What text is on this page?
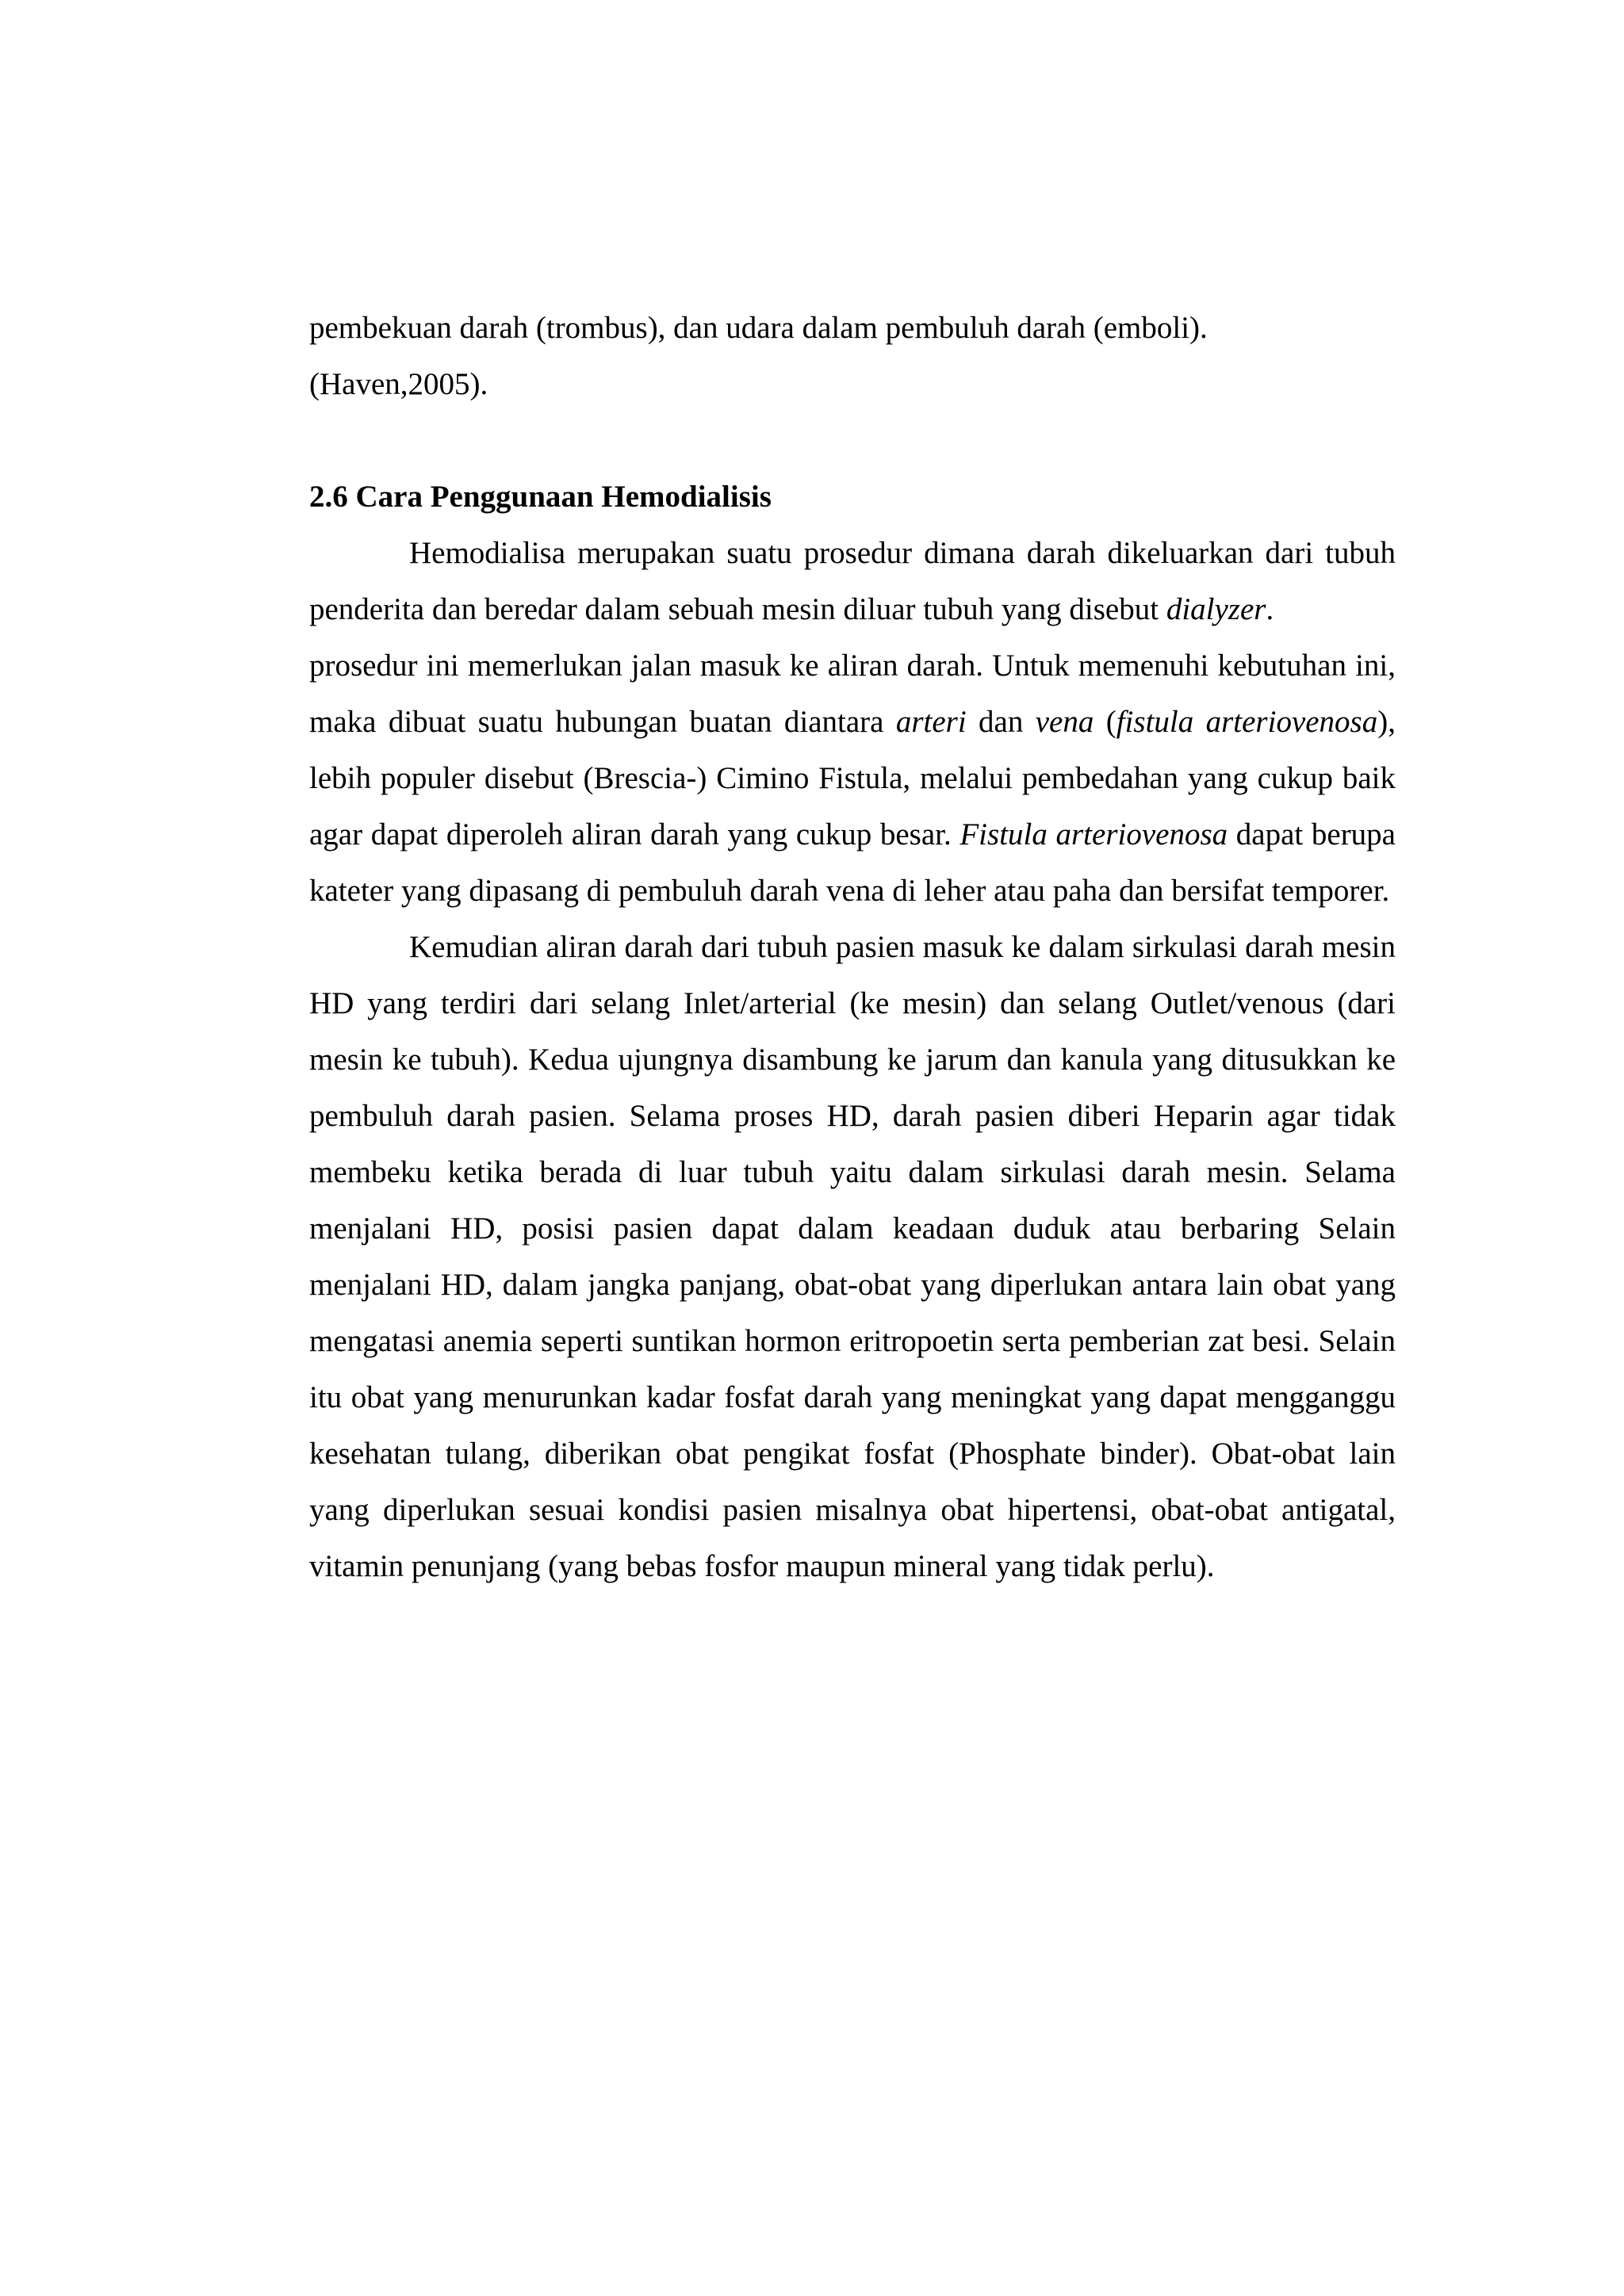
pembekuan darah (trombus), dan udara dalam pembuluh darah (emboli).

(Haven,2005).

2.6 Cara Penggunaan Hemodialisis

Hemodialisa merupakan suatu prosedur dimana darah dikeluarkan dari tubuh penderita dan beredar dalam sebuah mesin diluar tubuh yang disebut dialyzer.

prosedur ini memerlukan jalan masuk ke aliran darah. Untuk memenuhi kebutuhan ini, maka dibuat suatu hubungan buatan diantara arteri dan vena (fistula arteriovenosa), lebih populer disebut (Brescia-) Cimino Fistula, melalui pembedahan yang cukup baik agar dapat diperoleh aliran darah yang cukup besar. Fistula arteriovenosa dapat berupa kateter yang dipasang di pembuluh darah vena di leher atau paha dan bersifat temporer.

Kemudian aliran darah dari tubuh pasien masuk ke dalam sirkulasi darah mesin HD yang terdiri dari selang Inlet/arterial (ke mesin) dan selang Outlet/venous (dari mesin ke tubuh). Kedua ujungnya disambung ke jarum dan kanula yang ditusukkan ke pembuluh darah pasien. Selama proses HD, darah pasien diberi Heparin agar tidak membeku ketika berada di luar tubuh yaitu dalam sirkulasi darah mesin. Selama menjalani HD, posisi pasien dapat dalam keadaan duduk atau berbaring Selain menjalani HD, dalam jangka panjang, obat-obat yang diperlukan antara lain obat yang mengatasi anemia seperti suntikan hormon eritropoetin serta pemberian zat besi. Selain itu obat yang menurunkan kadar fosfat darah yang meningkat yang dapat mengganggu kesehatan tulang, diberikan obat pengikat fosfat (Phosphate binder). Obat-obat lain yang diperlukan sesuai kondisi pasien misalnya obat hipertensi, obat-obat antigatal, vitamin penunjang (yang bebas fosfor maupun mineral yang tidak perlu).
